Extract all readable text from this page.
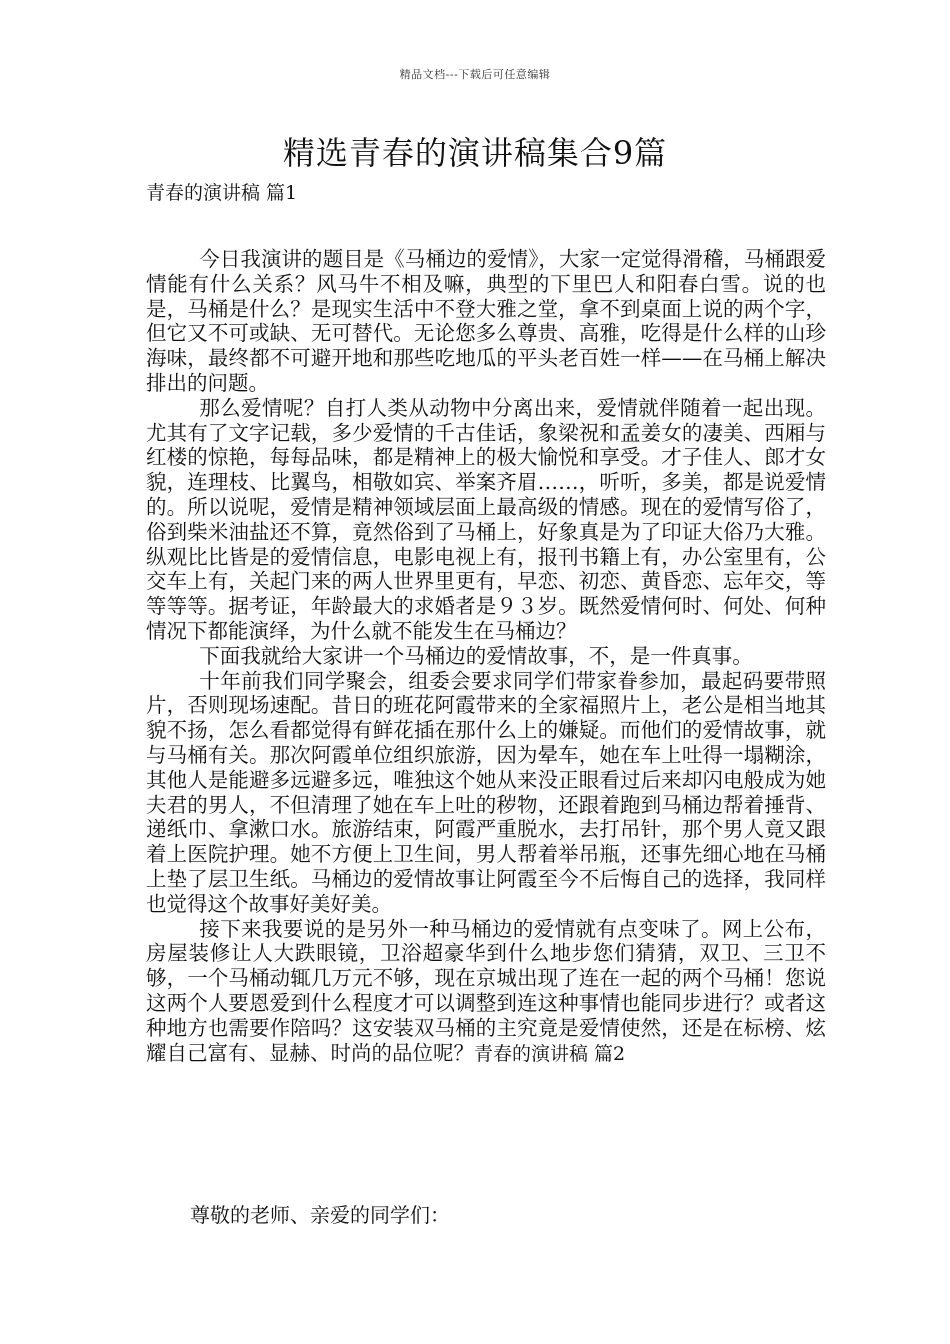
精品文档---下载后可任意编辑
精选青春的演讲稿集合9篇
青春的演讲稿 篇1

今日我演讲的题目是《马桶边的爱情》，大家一定觉得滑稽，马桶跟爱情能有什么关系？风马牛不相及嘛，典型的下里巴人和阳春白雪。说的也是，马桶是什么？是现实生活中不登大雅之堂，拿不到桌面上说的两个字，但它又不可或缺、无可替代。无论您多么尊贵、高雅，吃得是什么样的山珍海味，最终都不可避开地和那些吃地瓜的平头老百姓一样——在马桶上解决排出的问题。

那么爱情呢？自打人类从动物中分离出来，爱情就伴随着一起出现。尤其有了文字记载，多少爱情的千古佳话，象梁祝和孟姜女的凄美、西厢与红楼的惊艳，每每品味，都是精神上的极大愉悦和享受。才子佳人、郎才女貌，连理枝、比翼鸟，相敬如宾、举案齐眉……，听听，多美，都是说爱情的。所以说呢，爱情是精神领域层面上最高级的情感。现在的爱情写俗了，俗到柴米油盐还不算，竟然俗到了马桶上，好象真是为了印证大俗乃大雅。纵观比比皆是的爱情信息，电影电视上有，报刊书籍上有，办公室里有，公交车上有，关起门来的两人世界里更有，早恋、初恋、黄昏恋、忘年交，等等等等。据考证，年龄最大的求婚者是９３岁。既然爱情何时、何处、何种情况下都能演绎，为什么就不能发生在马桶边？

下面我就给大家讲一个马桶边的爱情故事，不，是一件真事。

十年前我们同学聚会，组委会要求同学们带家眷参加，最起码要带照片，否则现场速配。昔日的班花阿霞带来的全家福照片上，老公是相当地其貌不扬，怎么看都觉得有鲜花插在那什么上的嫌疑。而他们的爱情故事，就与马桶有关。那次阿霞单位组织旅游，因为晕车，她在车上吐得一塌糊涂，其他人是能避多远避多远，唯独这个她从来没正眼看过后来却闪电般成为她夫君的男人，不但清理了她在车上吐的秽物，还跟着跑到马桶边帮着捶背、递纸巾、拿漱口水。旅游结束，阿霞严重脱水，去打吊针，那个男人竟又跟着上医院护理。她不方便上卫生间，男人帮着举吊瓶，还事先细心地在马桶上垫了层卫生纸。马桶边的爱情故事让阿霞至今不后悔自己的选择，我同样也觉得这个故事好美好美。

接下来我要说的是另外一种马桶边的爱情就有点变味了。网上公布，房屋装修让人大跌眼镜，卫浴超豪华到什么地步您们猜猜，双卫、三卫不够，一个马桶动辄几万元不够，现在京城出现了连在一起的两个马桶！您说这两个人要恩爱到什么程度才可以调整到连这种事情也能同步进行？或者这种地方也需要作陪吗？这安装双马桶的主究竟是爱情使然，还是在标榜、炫耀自己富有、显赫、时尚的品位呢？青春的演讲稿 篇2

尊敬的老师、亲爱的同学们：
